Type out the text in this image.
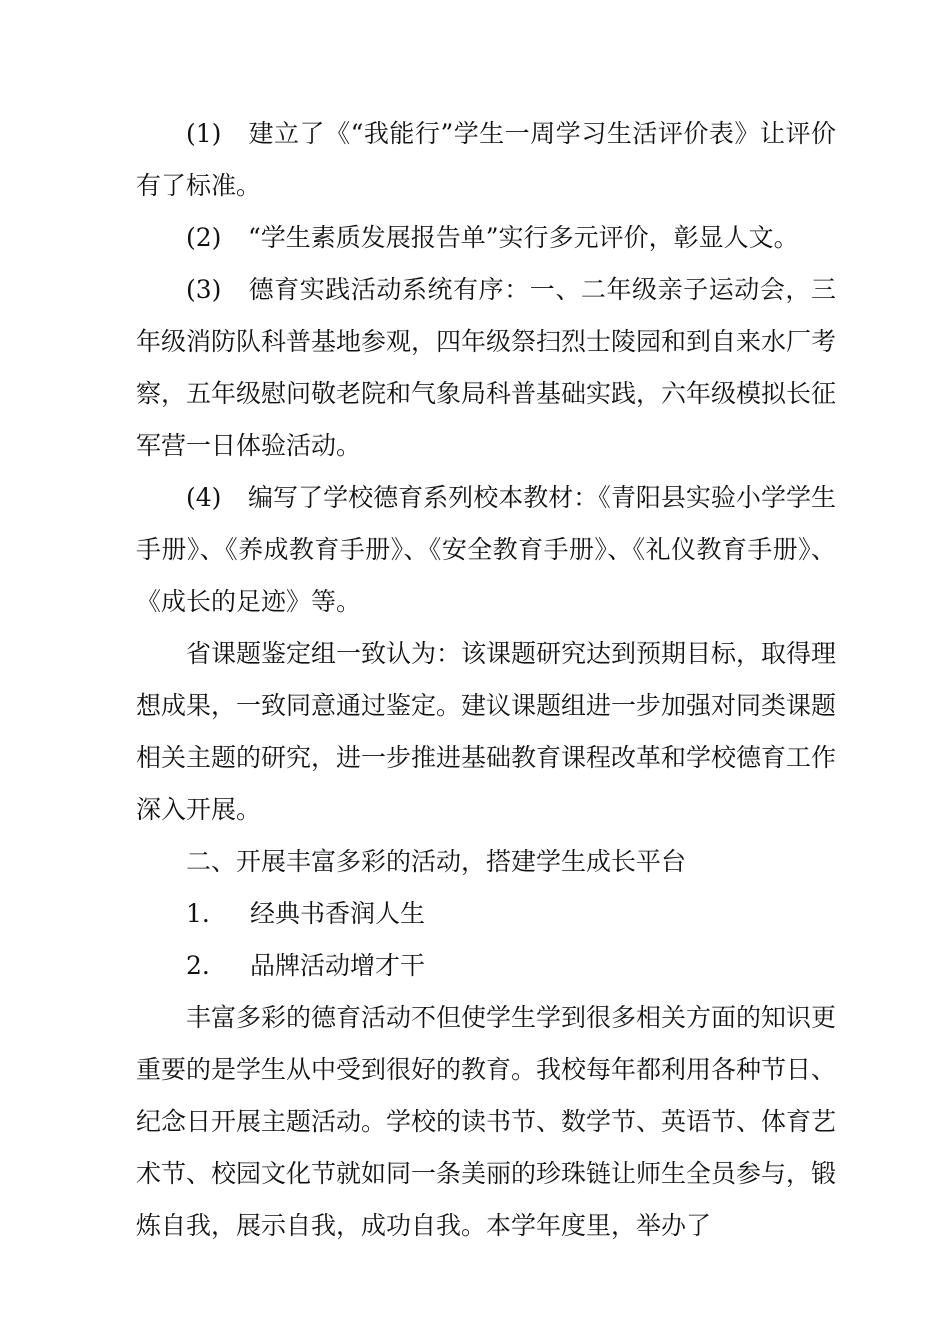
(1) 建立了《“我能行”学生一周学习生活评价表》让评价有了标准。

(2) “学生素质发展报告单”实行多元评价，彰显人文。

(3) 德育实践活动系统有序：一、二年级亲子运动会，三年级消防队科普基地参观，四年级祭扫烈士陵园和到自来水厂考察，五年级慰问敬老院和气象局科普基础实践，六年级模拟长征军营一日体验活动。

(4) 编写了学校德育系列校本教材：《青阳县实验小学学生手册》、《养成教育手册》、《安全教育手册》、《礼仪教育手册》、《成长的足迹》等。

省课题鉴定组一致认为：该课题研究达到预期目标，取得理想成果，一致同意通过鉴定。建议课题组进一步加强对同类课题相关主题的研究，进一步推进基础教育课程改革和学校德育工作深入开展。

二、开展丰富多彩的活动，搭建学生成长平台

1. 经典书香润人生

2. 品牌活动增才干

丰富多彩的德育活动不但使学生学到很多相关方面的知识更重要的是学生从中受到很好的教育。我校每年都利用各种节日、纪念日开展主题活动。学校的读书节、数学节、英语节、体育艺术节、校园文化节就如同一条美丽的珍珠链让师生全员参与，锻炼自我，展示自我，成功自我。本学年度里，举办了
